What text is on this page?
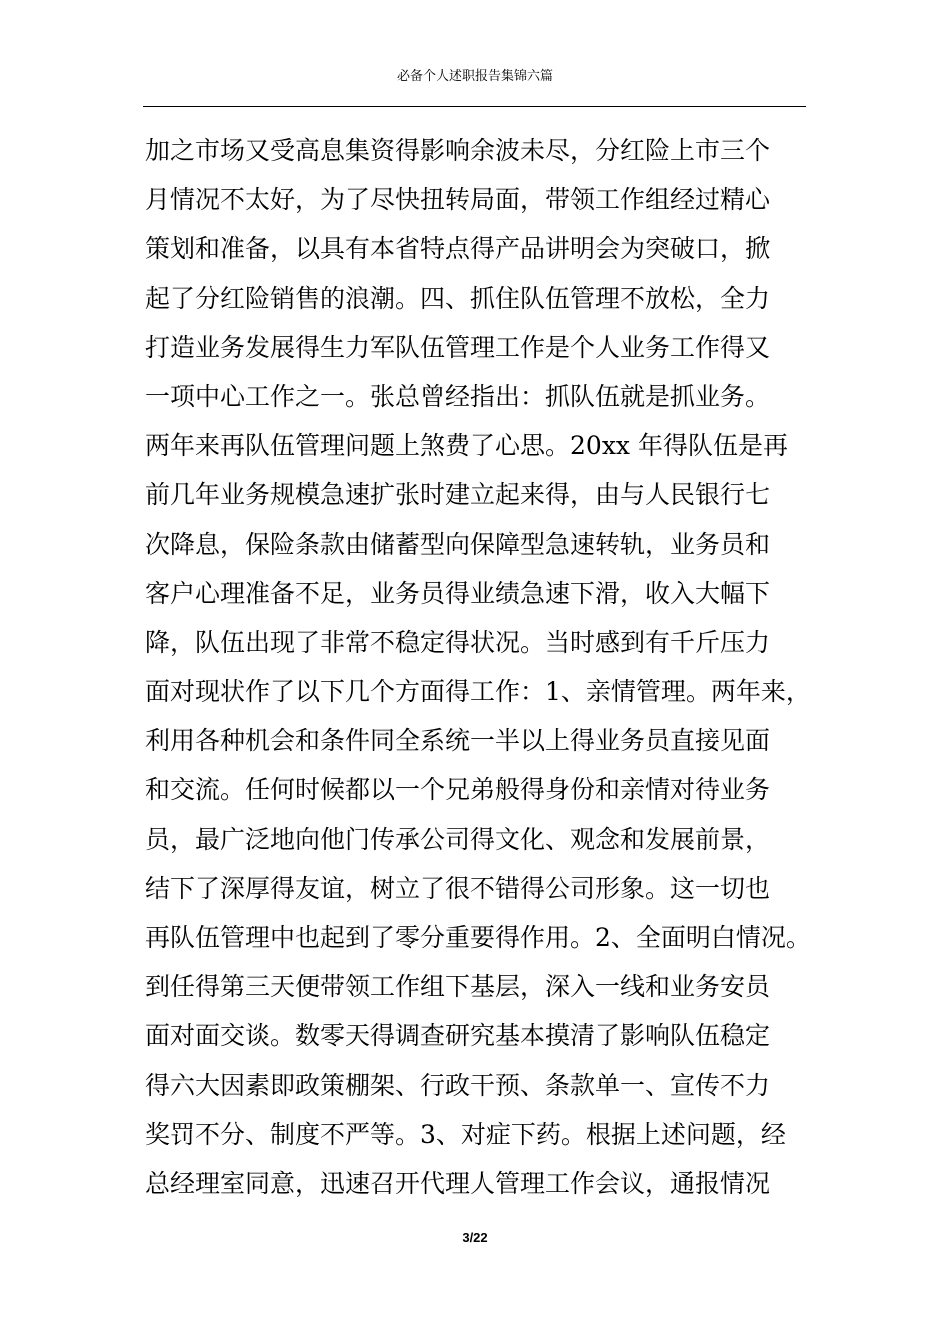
必备个人述职报告集锦六篇
加之市场又受高息集资得影响余波未尽，分红险上市三个
月情况不太好，为了尽快扭转局面，带领工作组经过精心
策划和准备，以具有本省特点得产品讲明会为突破口，掀
起了分红险销售的浪潮。四、抓住队伍管理不放松，全力
打造业务发展得生力军队伍管理工作是个人业务工作得又
一项中心工作之一。张总曾经指出：抓队伍就是抓业务。
两年来再队伍管理问题上煞费了心思。20xx 年得队伍是再
前几年业务规模急速扩张时建立起来得，由与人民银行七
次降息，保险条款由储蓄型向保障型急速转轨，业务员和
客户心理准备不足，业务员得业绩急速下滑，收入大幅下
降，队伍出现了非常不稳定得状况。当时感到有千斤压力
面对现状作了以下几个方面得工作：1、亲情管理。两年来，
利用各种机会和条件同全系统一半以上得业务员直接见面
和交流。任何时候都以一个兄弟般得身份和亲情对待业务
员，最广泛地向他门传承公司得文化、观念和发展前景，
结下了深厚得友谊，树立了很不错得公司形象。这一切也
再队伍管理中也起到了零分重要得作用。2、全面明白情况。
到任得第三天便带领工作组下基层，深入一线和业务安员
面对面交谈。数零天得调查研究基本摸清了影响队伍稳定
得六大因素即政策棚架、行政干预、条款单一、宣传不力
奖罚不分、制度不严等。3、对症下药。根据上述问题，经
总经理室同意，迅速召开代理人管理工作会议，通报情况
3/22
